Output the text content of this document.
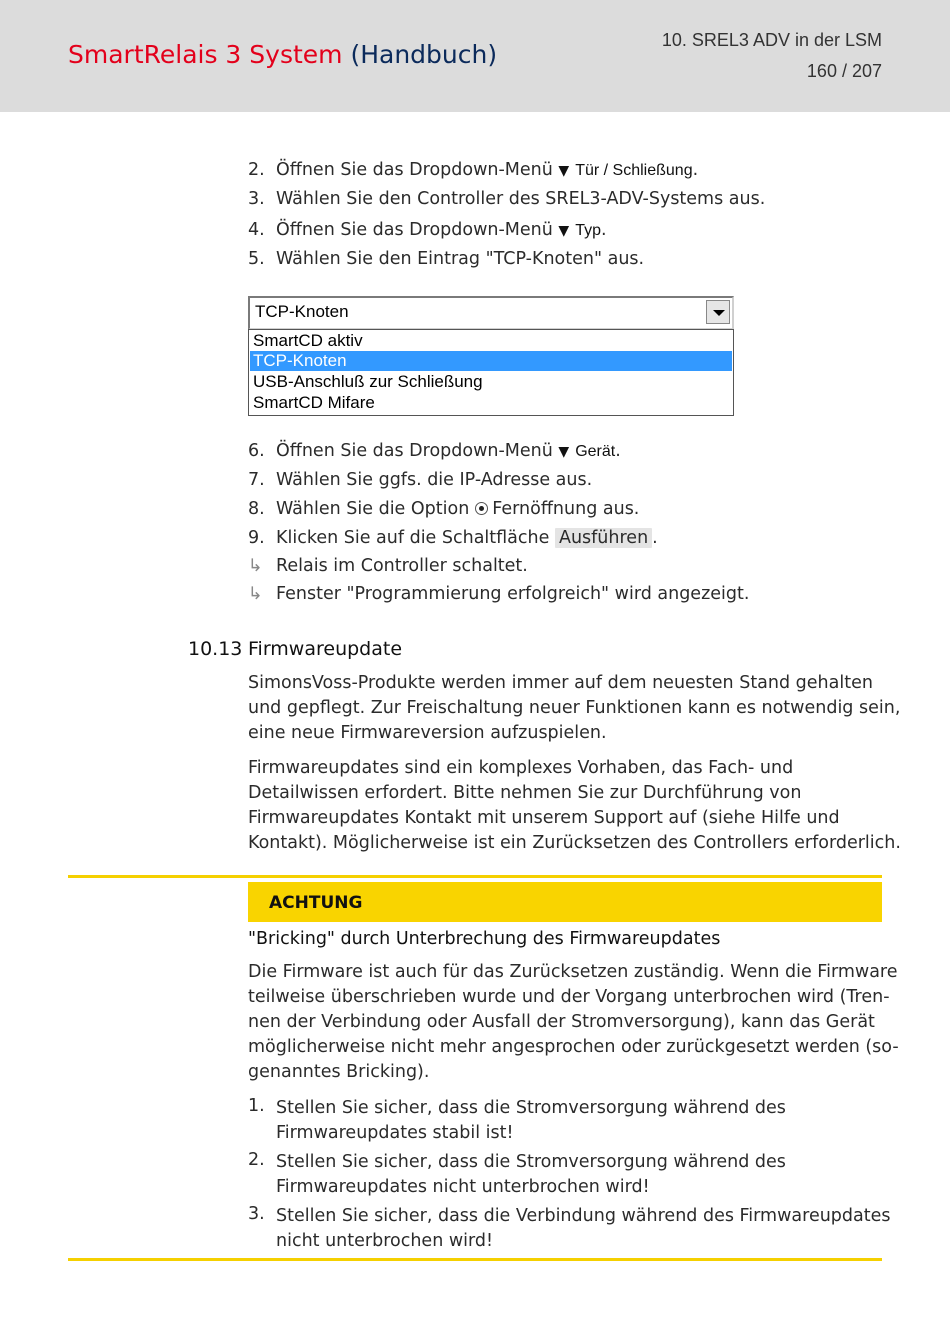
SmartRelais 3 System (Handbuch)	10. SREL3 ADV in der LSM
160 / 207
2. Öffnen Sie das Dropdown-Menü ▼ Tür / Schließung.
3. Wählen Sie den Controller des SREL3-ADV-Systems aus.
4. Öffnen Sie das Dropdown-Menü ▼ Typ.
5. Wählen Sie den Eintrag "TCP-Knoten" aus.
TCP-Knoten
SmartCD aktiv
TCP-Knoten
USB-Anschluß zur Schließung
SmartCD Mifare
6. Öffnen Sie das Dropdown-Menü ▼ Gerät.
7. Wählen Sie ggfs. die IP-Adresse aus.
8. Wählen Sie die Option Fernöffnung aus.
9. Klicken Sie auf die Schaltfläche Ausführen .
↳ Relais im Controller schaltet.
↳ Fenster "Programmierung erfolgreich" wird angezeigt.
10.13 Firmwareupdate
SimonsVoss-Produkte werden immer auf dem neuesten Stand gehalten
und gepflegt. Zur Freischaltung neuer Funktionen kann es notwendig sein,
eine neue Firmwareversion aufzuspielen.
Firmwareupdates sind ein komplexes Vorhaben, das Fach- und
Detailwissen erfordert. Bitte nehmen Sie zur Durchführung von
Firmwareupdates Kontakt mit unserem Support auf (siehe Hilfe und
Kontakt). Möglicherweise ist ein Zurücksetzen des Controllers erforderlich.
ACHTUNG
"Bricking" durch Unterbrechung des Firmwareupdates
Die Firmware ist auch für das Zurücksetzen zuständig. Wenn die Firmware
teilweise überschrieben wurde und der Vorgang unterbrochen wird (Tren-
nen der Verbindung oder Ausfall der Stromversorgung), kann das Gerät
möglicherweise nicht mehr angesprochen oder zurückgesetzt werden (so-
genanntes Bricking).
1. Stellen Sie sicher, dass die Stromversorgung während des
Firmwareupdates stabil ist!
2. Stellen Sie sicher, dass die Stromversorgung während des
Firmwareupdates nicht unterbrochen wird!
3. Stellen Sie sicher, dass die Verbindung während des Firmwareupdates
nicht unterbrochen wird!
